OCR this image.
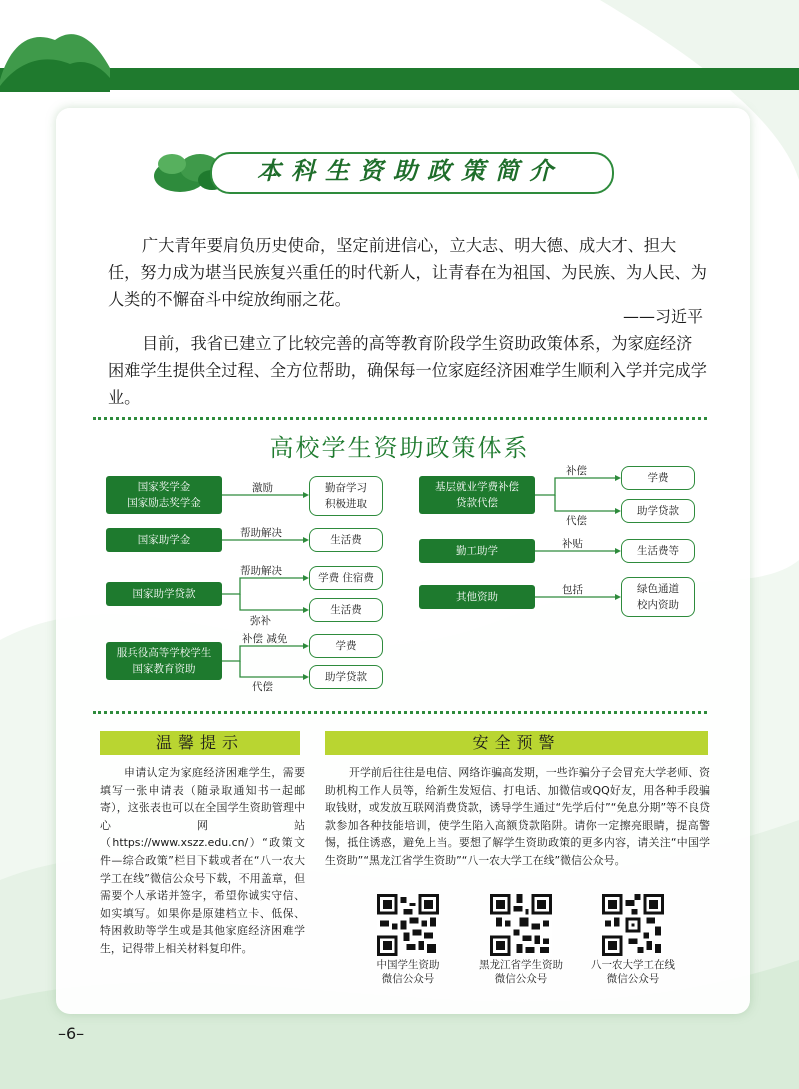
本科生资助政策简介

广大青年要肩负历史使命，坚定前进信心，立大志、明大德、成大才、担大任，努力成为堪当民族复兴重任的时代新人，让青春在为祖国、为民族、为人民、为人类的不懈奋斗中绽放绚丽之花。

——习近平

目前，我省已建立了比较完善的高等教育阶段学生资助政策体系，为家庭经济困难学生提供全过程、全方位帮助，确保每一位家庭经济困难学生顺利入学并完成学业。

高校学生资助政策体系
国家奖学金
国家励志奖学金
激励	勤奋学习
积极进取
国家助学金
帮助解决
生活费
国家助学贷款
帮助解决
学费 住宿费
弥补
生活费
服兵役高等学校学生
国家教育资助
补偿 减免
学费
代偿
助学贷款
基层就业学费补偿
贷款代偿
补偿
学费
代偿
助学贷款
勤工助学
补贴
生活费等
其他资助
包括	绿色通道
校内资助
温馨提示	安全预警

申请认定为家庭经济困难学生，需要填写一张申请表（随录取通知书一起邮寄），这张表也可以在全国学生资助管理中心网站（https://www.xszz.edu.cn/）“政策文件—综合政策”栏目下载或者在“八一农大学工在线”微信公众号下载，不用盖章，但需要个人承诺并签字，希望你诚实守信、如实填写。如果你是原建档立卡、低保、特困救助等学生或是其他家庭经济困难学生，记得带上相关材料复印件。

开学前后往往是电信、网络诈骗高发期，一些诈骗分子会冒充大学老师、资助机构工作人员等，给新生发短信、打电话、加微信或QQ好友，用各种手段骗取钱财，或发放互联网消费贷款，诱导学生通过“先学后付”“免息分期”等不良贷款参加各种技能培训，使学生陷入高额贷款陷阱。请你一定擦亮眼睛，提高警惕，抵住诱惑，避免上当。要想了解学生资助政策的更多内容，请关注“中国学生资助”“黑龙江省学生资助”“八一农大学工在线”微信公众号。

中国学生资助
微信公众号
黑龙江省学生资助
微信公众号
八一农大学工在线
微信公众号
–6–
